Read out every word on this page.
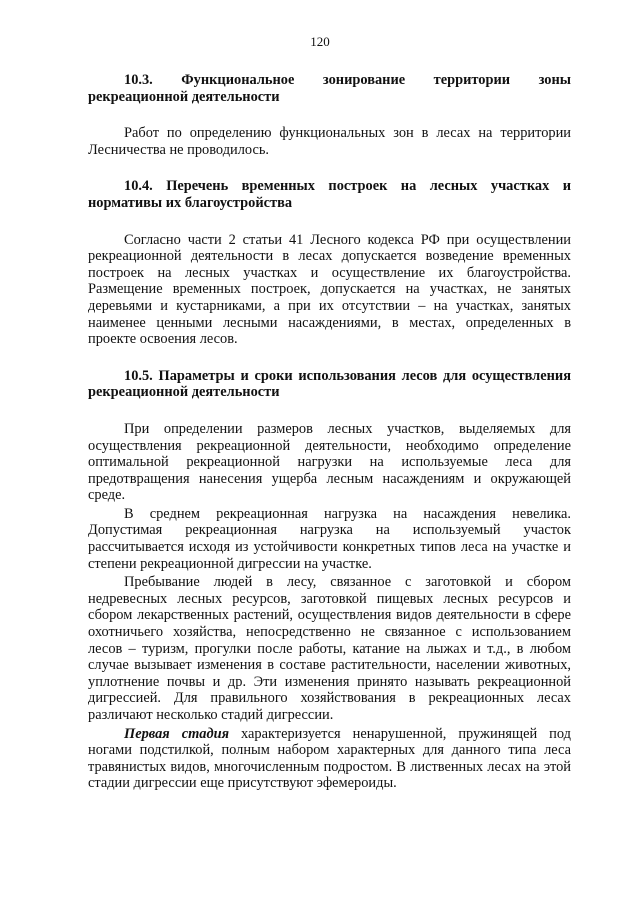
120

10.3. Функциональное зонирование территории зоны рекреационной деятельности

Работ по определению функциональных зон в лесах на территории Лесничества не проводилось.

10.4. Перечень временных построек на лесных участках и нормативы их благоустройства

Согласно части 2 статьи 41 Лесного кодекса РФ при осуществлении рекреационной деятельности в лесах допускается возведение временных построек на лесных участках и осуществление их благоустройства. Размещение временных построек, допускается на участках, не занятых деревьями и кустарниками, а при их отсутствии – на участках, занятых наименее ценными лесными насаждениями, в местах, определенных в проекте освоения лесов.

10.5. Параметры и сроки использования лесов для осуществления рекреационной деятельности

При определении размеров лесных участков, выделяемых для осуществления рекреационной деятельности, необходимо определение оптимальной рекреационной нагрузки на используемые леса для предотвращения нанесения ущерба лесным насаждениям и окружающей среде.

В среднем рекреационная нагрузка на насаждения невелика. Допустимая рекреационная нагрузка на используемый участок рассчитывается исходя из устойчивости конкретных типов леса на участке и степени рекреационной дигрессии на участке.

Пребывание людей в лесу, связанное с заготовкой и сбором недревесных лесных ресурсов, заготовкой пищевых лесных ресурсов и сбором лекарственных растений, осуществления видов деятельности в сфере охотничьего хозяйства, непосредственно не связанное с использованием лесов – туризм, прогулки после работы, катание на лыжах и т.д., в любом случае вызывает изменения в составе растительности, населении животных, уплотнение почвы и др. Эти изменения принято называть рекреационной дигрессией. Для правильного хозяйствования в рекреационных лесах различают несколько стадий дигрессии.

Первая стадия характеризуется ненарушенной, пружинящей под ногами подстилкой, полным набором характерных для данного типа леса травянистых видов, многочисленным подростом. В лиственных лесах на этой стадии дигрессии еще присутствуют эфемероиды.
